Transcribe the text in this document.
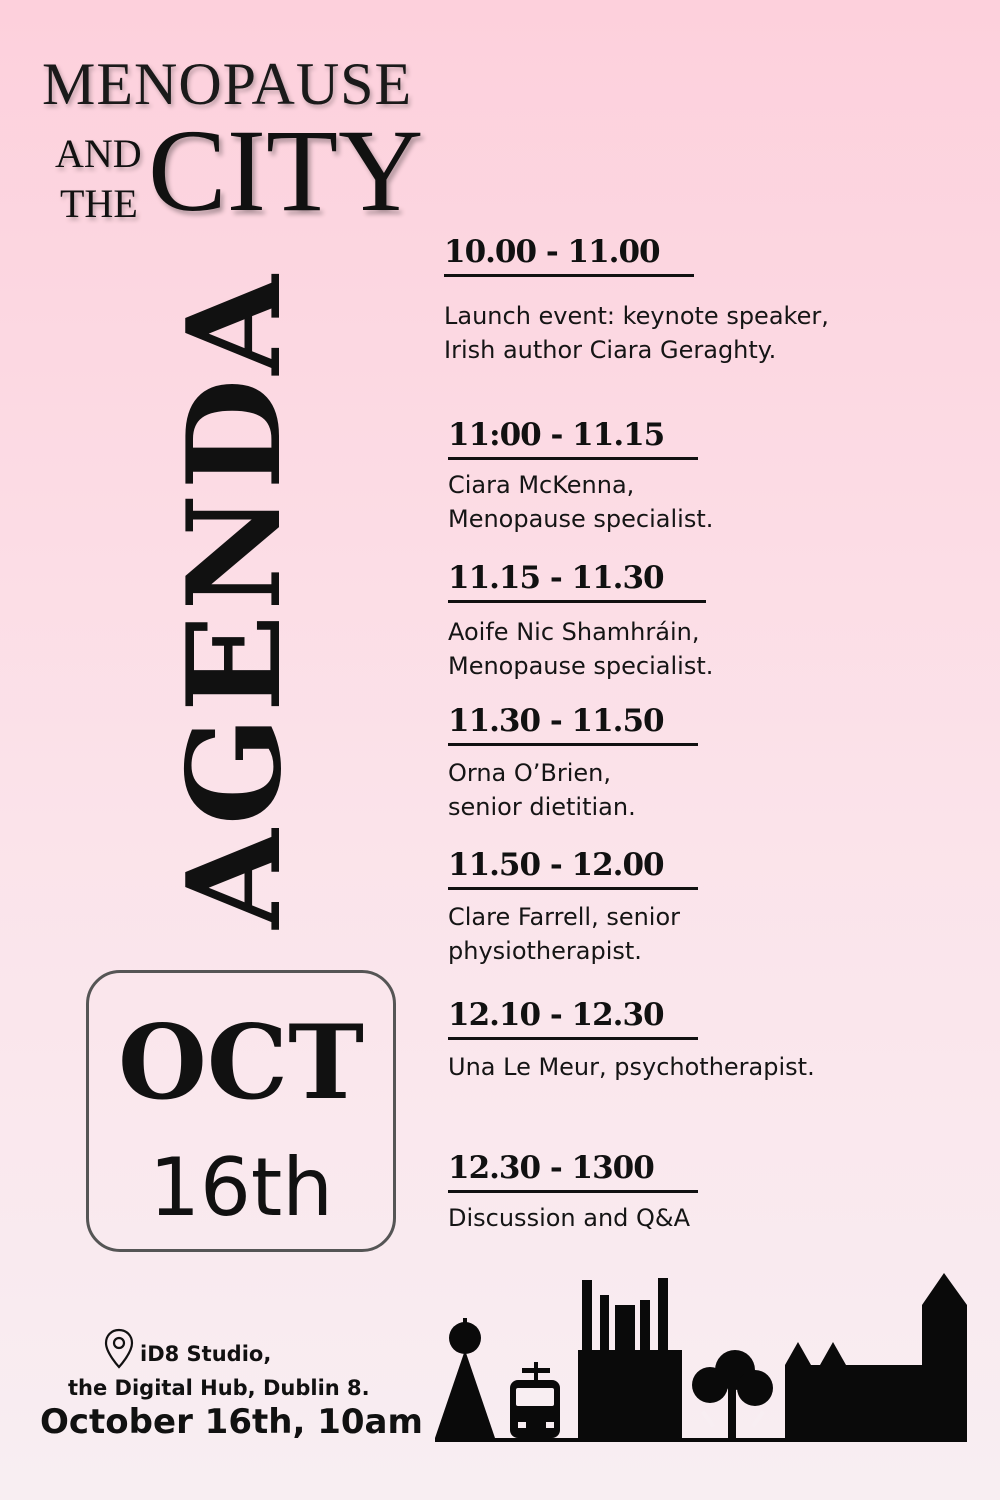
MENOPAUSE
AND
THE CITY
AGENDA
OCT
16th
10.00 - 11.00
Launch event: keynote speaker,
Irish author Ciara Geraghty.
11:00 - 11.15
Ciara McKenna,
Menopause specialist.
11.15 - 11.30
Aoife Nic Shamhráin,
Menopause specialist.
11.30 - 11.50
Orna O’Brien,
senior dietitian.
11.50 - 12.00
Clare Farrell, senior
physiotherapist.
12.10 - 12.30
Una Le Meur, psychotherapist.
12.30 - 1300
Discussion and Q&A
iD8 Studio,
the Digital Hub, Dublin 8.
October 16th, 10am
